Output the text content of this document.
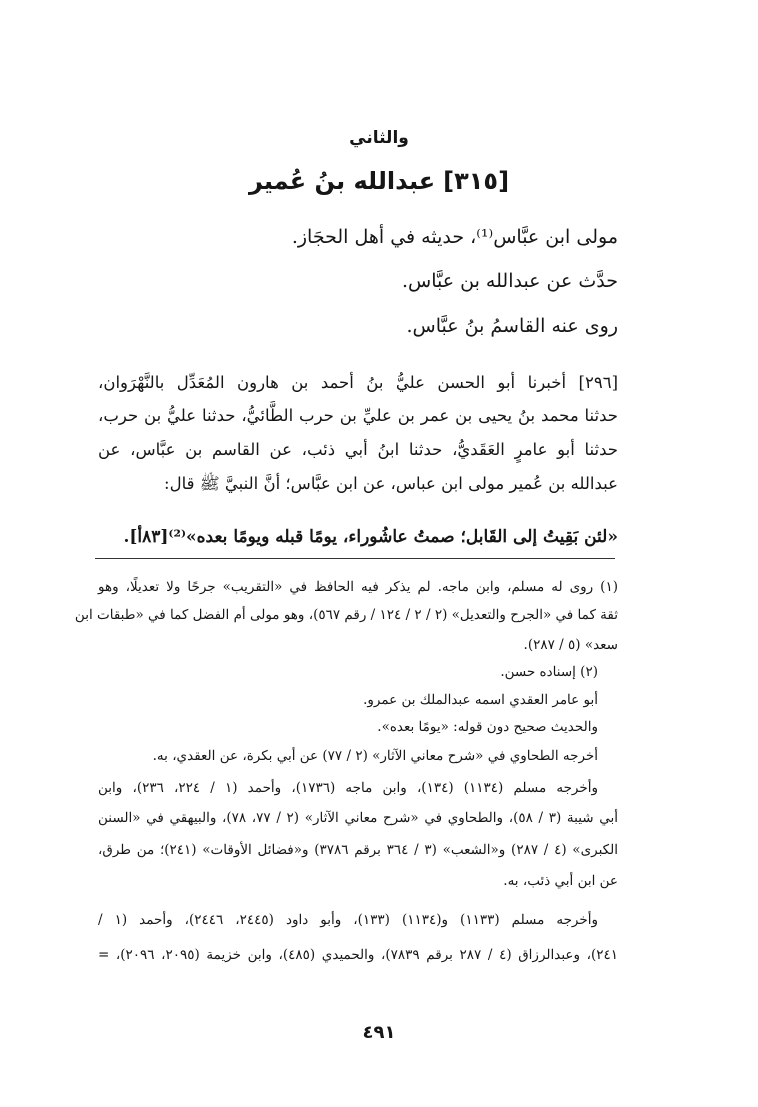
والثاني
[٣١٥]عبدالله بنُ عُمير
مولى ابن عبَّاس⁽¹⁾، حديثه في أهل الحجَاز.
حدَّث عن عبدالله بن عبَّاس.
روى عنه القاسمُ بنُ عبَّاس.
[٢٩٦] أخبرنا أبو الحسن عليُّ بنُ أحمد بن هارون المُعَدِّل بالنَّهْرَوان،
حدثنا محمد بنُ يحيى بن عمر بن عليِّ بن حرب الطَّائيُّ، حدثنا عليُّ بن حرب،
حدثنا أبو عامرٍ العَقَديُّ، حدثنا ابنُ أبي ذئب، عن القاسم بن عبَّاس، عن
عبدالله بن عُمير مولى ابن عباس، عن ابن عبَّاس؛ أنَّ النبيَّ ﷺ قال:
«لئن بَقِيتُ إلى القَابل؛ صمتُ عاشُوراء، يومًا قبله ويومًا بعده»⁽²⁾[٨٣أ].
(١) روى له مسلم، وابن ماجه. لم يذكر فيه الحافظ في «التقريب» جرحًا ولا تعديلًا، وهو
ثقة كما في «الجرح والتعديل» (٢ / ٢ / ١٢٤ / رقم ٥٦٧)، وهو مولى أم الفضل كما في «طبقات ابن
سعد» (٥ / ٢٨٧).
(٢) إسناده حسن.
أبو عامر العقدي اسمه عبدالملك بن عمرو.
والحديث صحيح دون قوله: «يومًا بعده».
أخرجه الطحاوي في «شرح معاني الآثار» (٢ / ٧٧) عن أبي بكرة، عن العقدي، به.
وأخرجه مسلم (١١٣٤) (١٣٤)، وابن ماجه (١٧٣٦)، وأحمد (١ / ٢٢٤، ٢٣٦)، وابن
أبي شيبة (٣ / ٥٨)، والطحاوي في «شرح معاني الآثار» (٢ / ٧٧، ٧٨)، والبيهقي في «السنن
الكبرى» (٤ / ٢٨٧) و«الشعب» (٣ / ٣٦٤ برقم ٣٧٨٦) و«فضائل الأوقات» (٢٤١)؛ من طرق،
عن ابن أبي ذئب، به.
وأخرجه مسلم (١١٣٣) و(١١٣٤) (١٣٣)، وأبو داود (٢٤٤٥، ٢٤٤٦)، وأحمد (١ /
٢٤١)، وعبدالرزاق (٤ / ٢٨٧ برقم ٧٨٣٩)، والحميدي (٤٨٥)، وابن خزيمة (٢٠٩٥، ٢٠٩٦)، =
٤٩١
